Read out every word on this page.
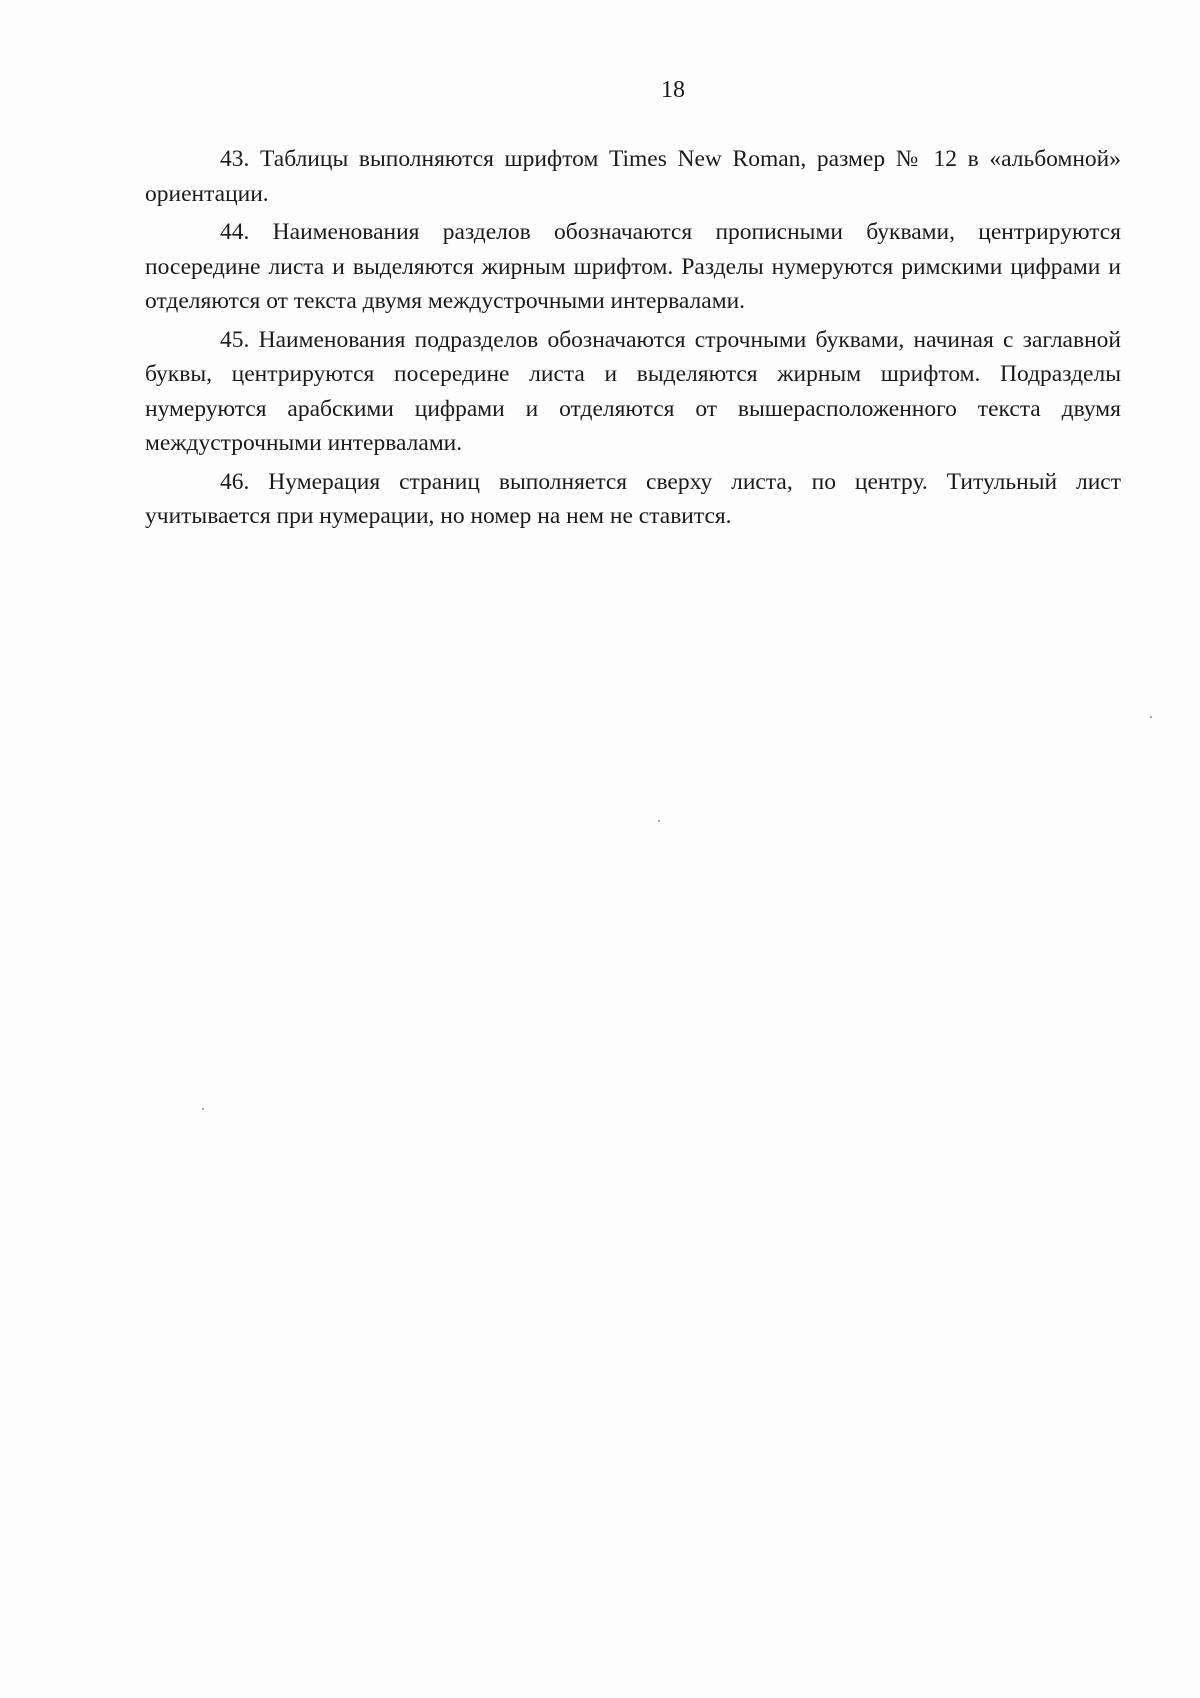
18

43. Таблицы выполняются шрифтом Times New Roman, размер № 12 в «альбомной» ориентации.

44. Наименования разделов обозначаются прописными буквами, центрируются посередине листа и выделяются жирным шрифтом. Разделы нумеруются римскими цифрами и отделяются от текста двумя междустрочными интервалами.

45. Наименования подразделов обозначаются строчными буквами, начиная с заглавной буквы, центрируются посередине листа и выделяются жирным шрифтом. Подразделы нумеруются арабскими цифрами и отделяются от вышерасположенного текста двумя междустрочными интервалами.

46. Нумерация страниц выполняется сверху листа, по центру. Титульный лист учитывается при нумерации, но номер на нем не ставится.
